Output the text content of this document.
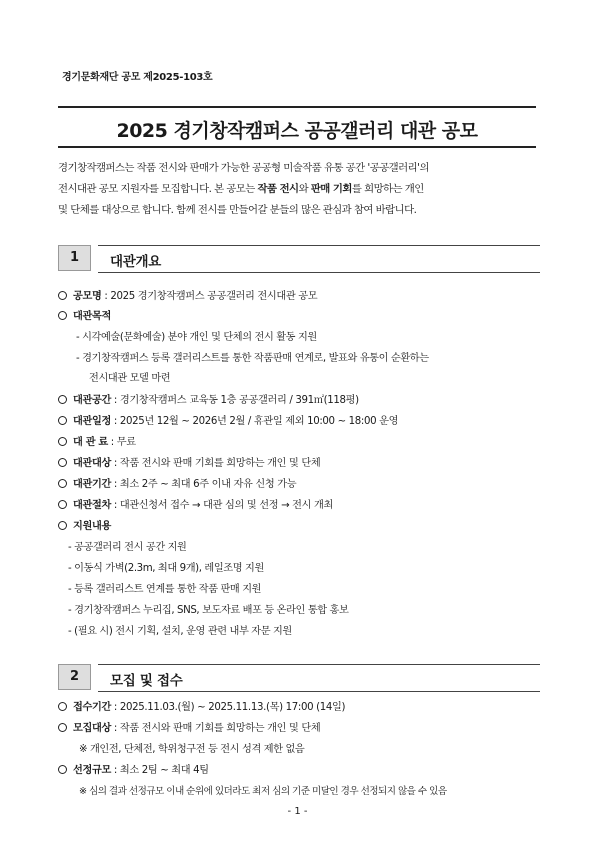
경기문화재단 공모 제2025-103호
2025 경기창작캠퍼스 공공갤러리 대관 공모
경기창작캠퍼스는 작품 전시와 판매가 가능한 공공형 미술작품 유통 공간 '공공갤러리'의
전시대관 공모 지원자를 모집합니다. 본 공모는 작품 전시와 판매 기회를 희망하는 개인
및 단체를 대상으로 합니다. 함께 전시를 만들어갈 분들의 많은 관심과 참여 바랍니다.
1	대관개요
공모명 : 2025 경기창작캠퍼스 공공갤러리 전시대관 공모
대관목적
- 시각예술(문화예술) 분야 개인 및 단체의 전시 활동 지원
- 경기창작캠퍼스 등록 갤러리스트를 통한 작품판매 연계로, 발표와 유통이 순환하는
전시대관 모델 마련
대관공간 : 경기창작캠퍼스 교육동 1층 공공갤러리 / 391㎡(118평)
대관일정 : 2025년 12월 ~ 2026년 2월 / 휴관일 제외 10:00 ~ 18:00 운영
대 관 료 : 무료
대관대상 : 작품 전시와 판매 기회를 희망하는 개인 및 단체
대관기간 : 최소 2주 ~ 최대 6주 이내 자유 신청 가능
대관절차 : 대관신청서 접수 → 대관 심의 및 선정 → 전시 개최
지원내용
- 공공갤러리 전시 공간 지원
- 이동식 가벽(2.3m, 최대 9개), 레일조명 지원
- 등록 갤러리스트 연계를 통한 작품 판매 지원
- 경기창작캠퍼스 누리집, SNS, 보도자료 배포 등 온라인 통합 홍보
- (필요 시) 전시 기획, 설치, 운영 관련 내부 자문 지원
2	모집 및 접수
접수기간 : 2025.11.03.(월) ~ 2025.11.13.(목) 17:00 (14일)
모집대상 : 작품 전시와 판매 기회를 희망하는 개인 및 단체
※ 개인전, 단체전, 학위청구전 등 전시 성격 제한 없음
선정규모 : 최소 2팀 ~ 최대 4팀
※ 심의 결과 선정규모 이내 순위에 있더라도 최저 심의 기준 미달인 경우 선정되지 않을 수 있음
- 1 -
